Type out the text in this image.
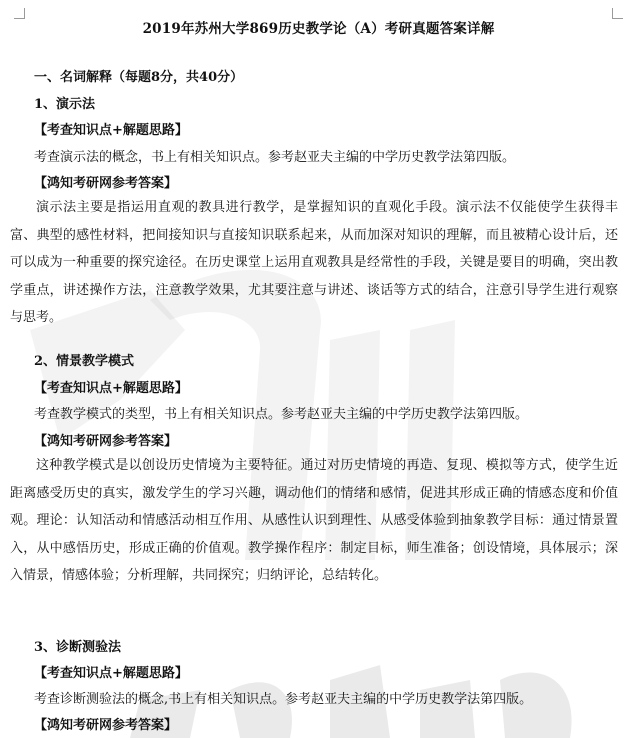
2019年苏州大学869历史教学论（A）考研真题答案详解
一、名词解释（每题8分，共40分）
1、演示法
【考查知识点+解题思路】
考查演示法的概念，书上有相关知识点。参考赵亚夫主编的中学历史教学法第四版。
【鸿知考研网参考答案】

演示法主要是指运用直观的教具进行教学，是掌握知识的直观化手段。演示法不仅能使学生获得丰富、典型的感性材料，把间接知识与直接知识联系起来，从而加深对知识的理解，而且被精心设计后，还可以成为一种重要的探究途径。在历史课堂上运用直观教具是经常性的手段，关键是要目的明确，突出教学重点，讲述操作方法，注意教学效果，尤其要注意与讲述、谈话等方式的结合，注意引导学生进行观察与思考。

2、情景教学模式
【考查知识点+解题思路】
考查教学模式的类型，书上有相关知识点。参考赵亚夫主编的中学历史教学法第四版。
【鸿知考研网参考答案】

这种教学模式是以创设历史情境为主要特征。通过对历史情境的再造、复现、模拟等方式，使学生近距离感受历史的真实，激发学生的学习兴趣，调动他们的情绪和感情，促进其形成正确的情感态度和价值观。理论：认知活动和情感活动相互作用、从感性认识到理性、从感受体验到抽象教学目标：通过情景置入，从中感悟历史，形成正确的价值观。教学操作程序：制定目标，师生准备；创设情境，具体展示；深入情景，情感体验；分析理解，共同探究；归纳评论，总结转化。

3、诊断测验法
【考查知识点+解题思路】
考查诊断测验法的概念,书上有相关知识点。参考赵亚夫主编的中学历史教学法第四版。
【鸿知考研网参考答案】
